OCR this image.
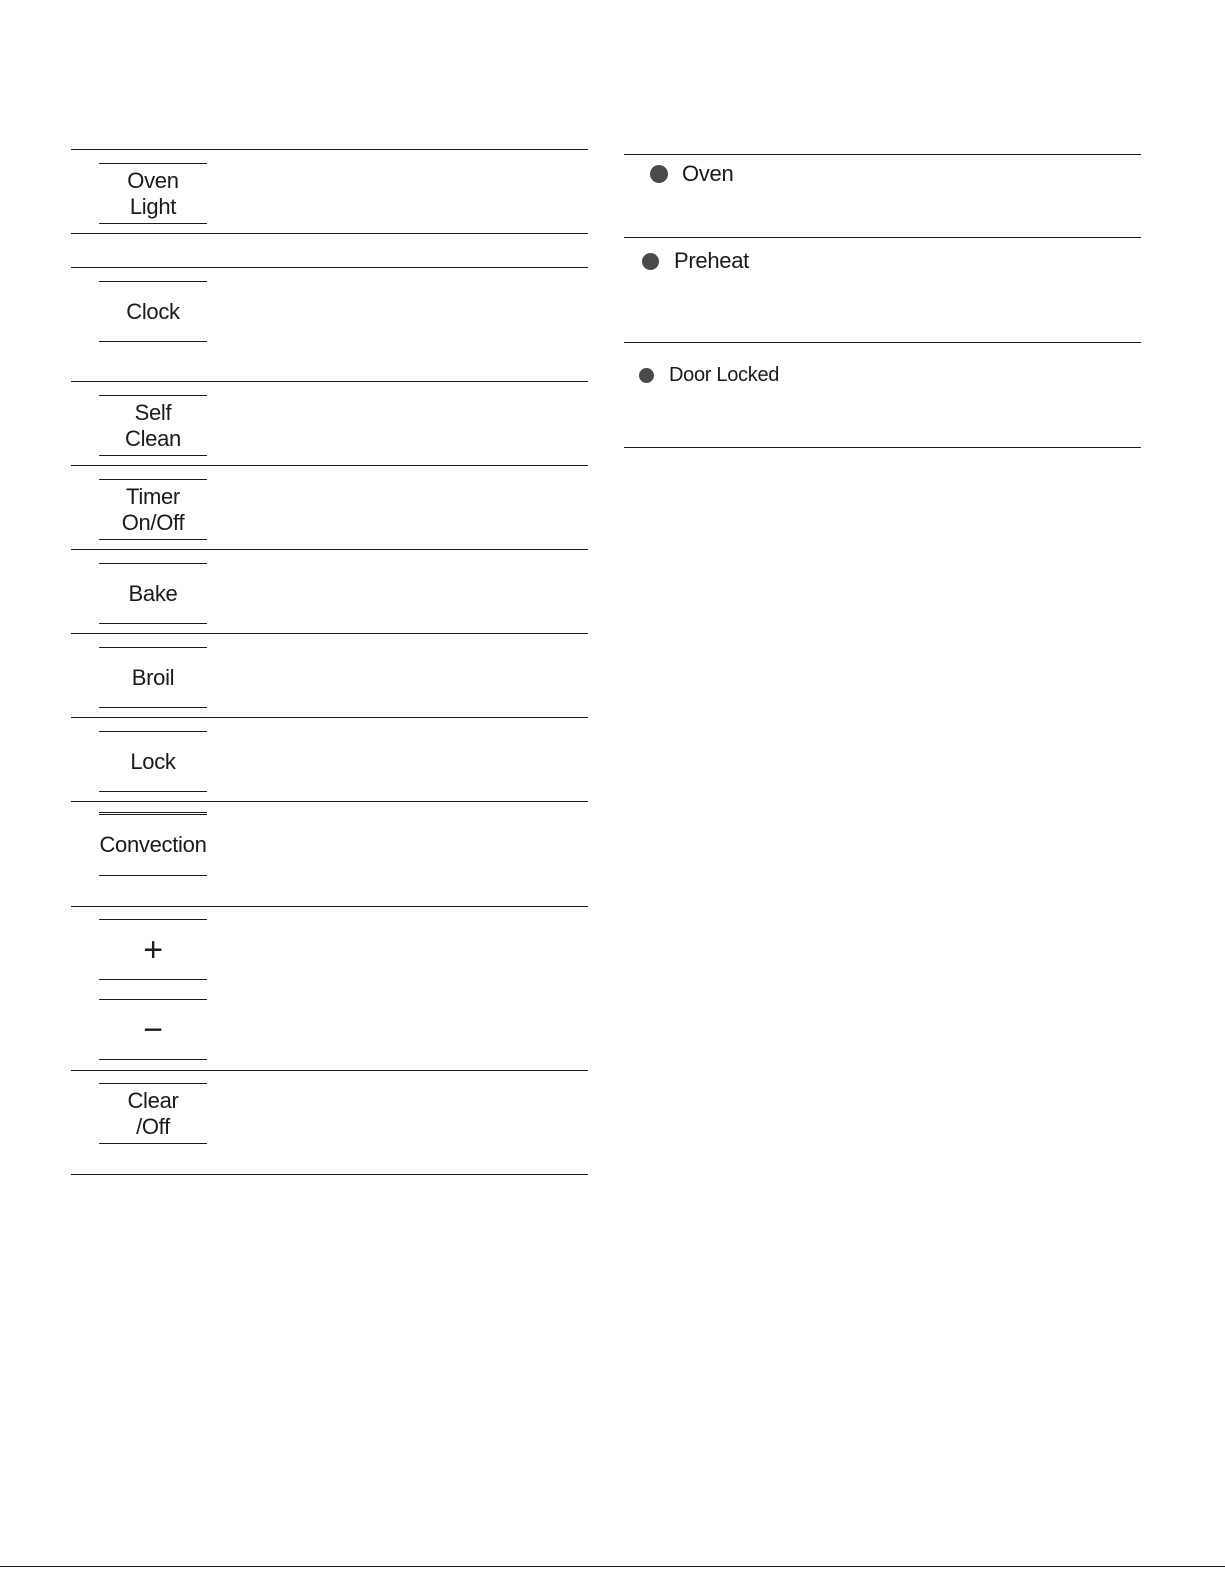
Oven
Light
Clock
Self
Clean
Timer
On/Off
Bake
Broil
Lock
Convection
+
−
Clear
/Off
Oven
Preheat
Door Locked
